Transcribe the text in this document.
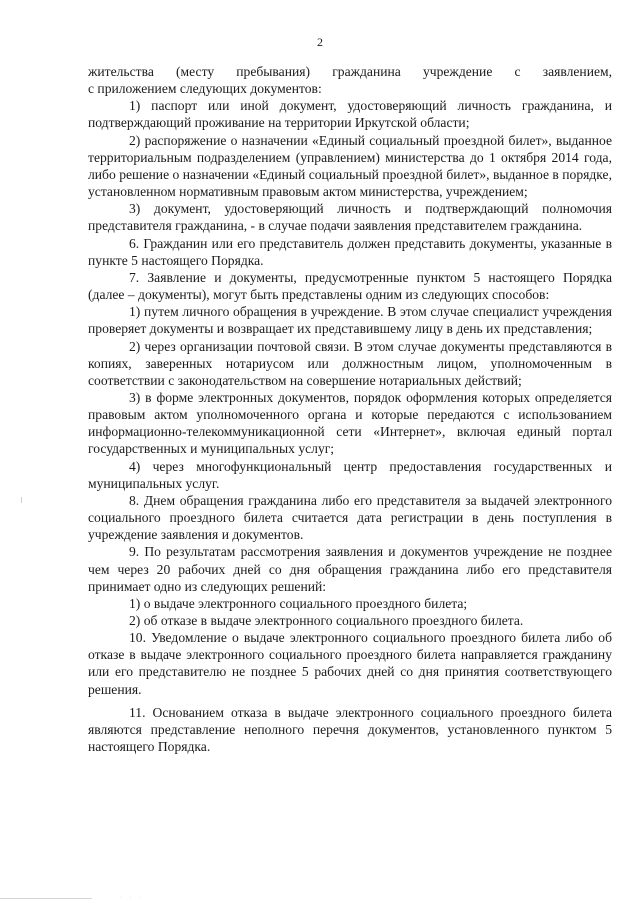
2

жительства (месту пребывания) гражданина учреждение с заявлением,

с приложением следующих документов:

1) паспорт или иной документ, удостоверяющий личность гражданина, и подтверждающий проживание на территории Иркутской области;

2) распоряжение о назначении «Единый социальный проездной билет», выданное территориальным подразделением (управлением) министерства до 1 октября 2014 года, либо решение о назначении «Единый социальный проездной билет», выданное в порядке, установленном нормативным правовым актом министерства, учреждением;

3) документ, удостоверяющий личность и подтверждающий полномочия представителя гражданина, - в случае подачи заявления представителем гражданина.

6. Гражданин или его представитель должен представить документы, указанные в пункте 5 настоящего Порядка.

7. Заявление и документы, предусмотренные пунктом 5 настоящего Порядка (далее – документы), могут быть представлены одним из следующих способов:

1) путем личного обращения в учреждение. В этом случае специалист учреждения проверяет документы и возвращает их представившему лицу в день их представления;

2) через организации почтовой связи. В этом случае документы представляются в копиях, заверенных нотариусом или должностным лицом, уполномоченным в соответствии с законодательством на совершение нотариальных действий;

3) в форме электронных документов, порядок оформления которых определяется правовым актом уполномоченного органа и которые передаются с использованием информационно-телекоммуникационной сети «Интернет», включая единый портал государственных и муниципальных услуг;

4) через многофункциональный центр предоставления государственных и муниципальных услуг.

8. Днем обращения гражданина либо его представителя за выдачей электронного социального проездного билета считается дата регистрации в день поступления в учреждение заявления и документов.

9. По результатам рассмотрения заявления и документов учреждение не позднее чем через 20 рабочих дней со дня обращения гражданина либо его представителя принимает одно из следующих решений:

1) о выдаче электронного социального проездного билета;

2) об отказе в выдаче электронного социального проездного билета.

10. Уведомление о выдаче электронного социального проездного билета либо об отказе в выдаче электронного социального проездного билета направляется гражданину или его представителю не позднее 5 рабочих дней со дня принятия соответствующего решения.

11. Основанием отказа в выдаче электронного социального проездного билета являются представление неполного перечня документов, установленного пунктом 5 настоящего Порядка.

· · ·
